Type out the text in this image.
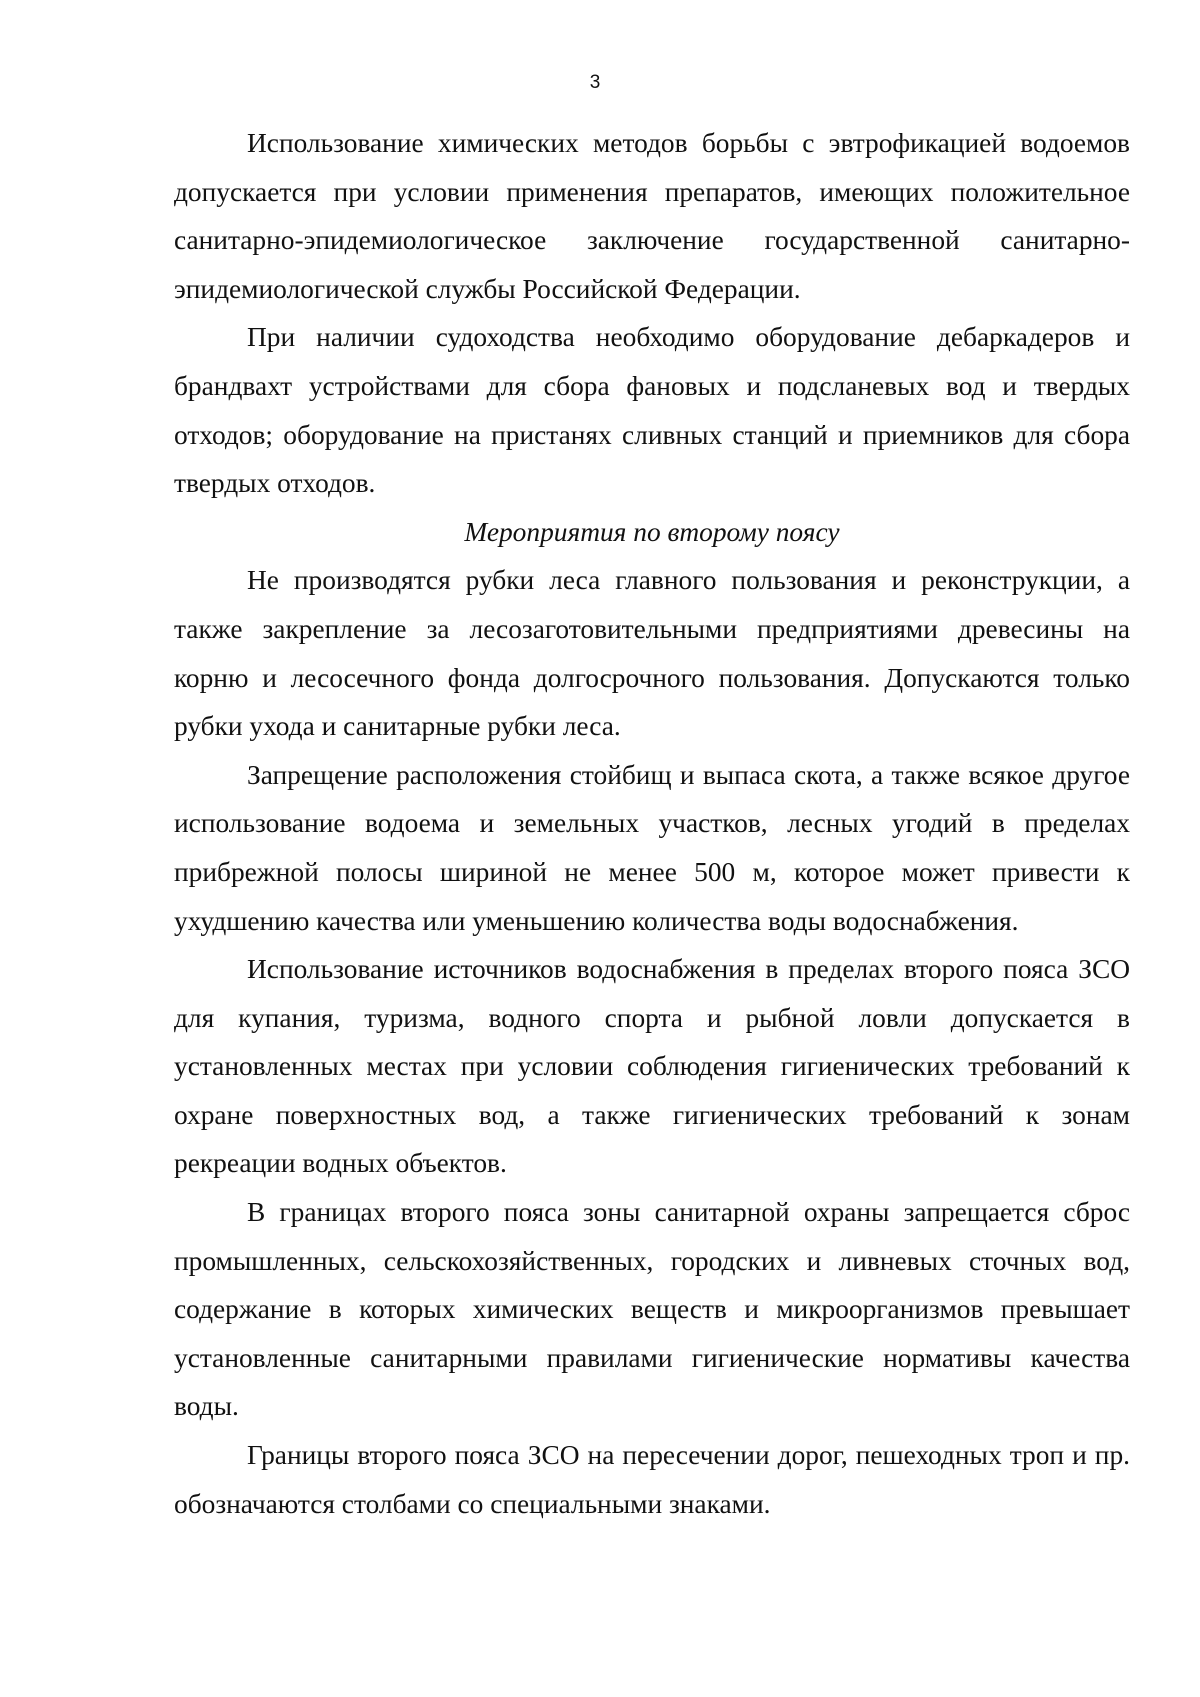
3

Использование химических методов борьбы с эвтрофикацией водоемов допускается при условии применения препаратов, имеющих положительное санитарно-эпидемиологическое заключение государственной санитарно-эпидемиологической службы Российской Федерации.

При наличии судоходства необходимо оборудование дебаркадеров и брандвахт устройствами для сбора фановых и подсланевых вод и твердых отходов; оборудование на пристанях сливных станций и приемников для сбора твердых отходов.

Мероприятия по второму поясу

Не производятся рубки леса главного пользования и реконструкции, а также закрепление за лесозаготовительными предприятиями древесины на корню и лесосечного фонда долгосрочного пользования. Допускаются только рубки ухода и санитарные рубки леса.

Запрещение расположения стойбищ и выпаса скота, а также всякое другое использование водоема и земельных участков, лесных угодий в пределах прибрежной полосы шириной не менее 500 м, которое может привести к ухудшению качества или уменьшению количества воды водоснабжения.

Использование источников водоснабжения в пределах второго пояса ЗСО для купания, туризма, водного спорта и рыбной ловли допускается в установленных местах при условии соблюдения гигиенических требований к охране поверхностных вод, а также гигиенических требований к зонам рекреации водных объектов.

В границах второго пояса зоны санитарной охраны запрещается сброс промышленных, сельскохозяйственных, городских и ливневых сточных вод, содержание в которых химических веществ и микроорганизмов превышает установленные санитарными правилами гигиенические нормативы качества воды.

Границы второго пояса ЗСО на пересечении дорог, пешеходных троп и пр. обозначаются столбами со специальными знаками.
